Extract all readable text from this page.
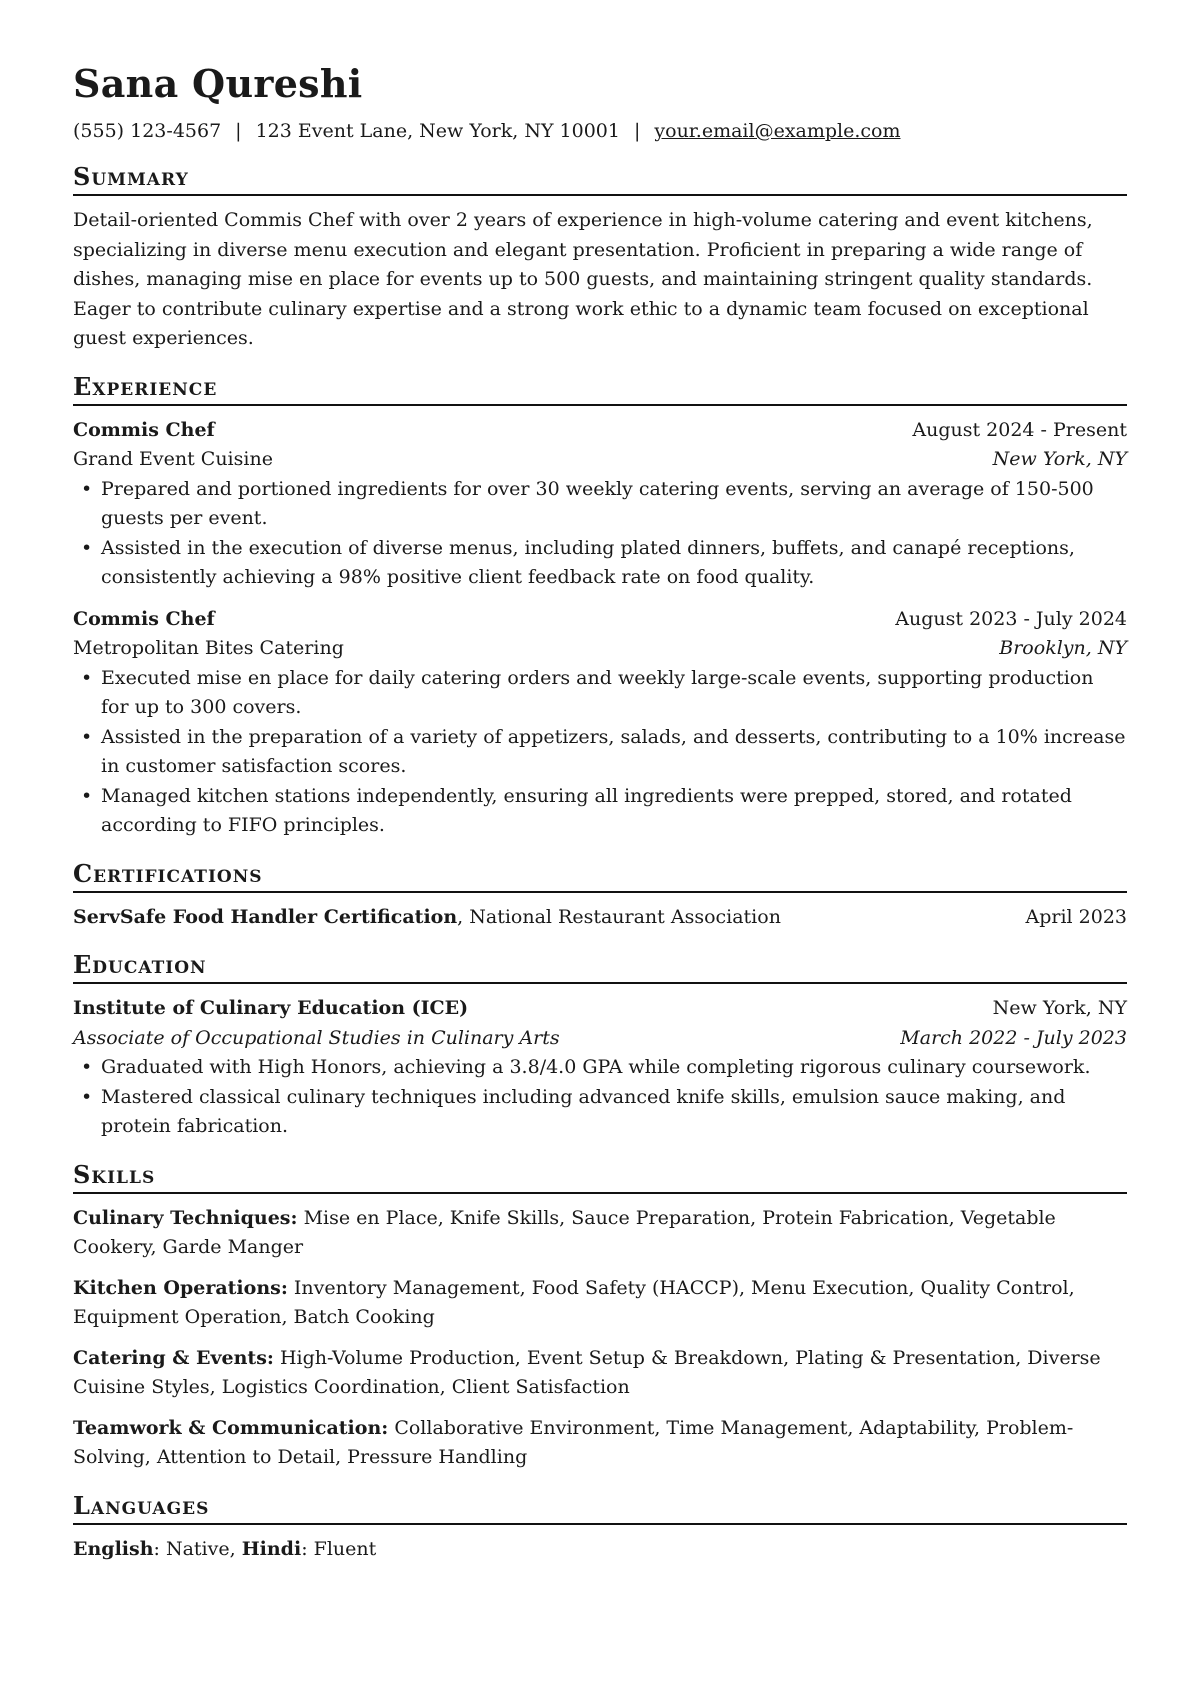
Sana Qureshi
(555) 123-4567 | 123 Event Lane, New York, NY 10001 | your.email@example.com
Summary

Detail-oriented Commis Chef with over 2 years of experience in high-volume catering and event kitchens, specializing in diverse menu execution and elegant presentation. Proficient in preparing a wide range of dishes, managing mise en place for events up to 500 guests, and maintaining stringent quality standards. Eager to contribute culinary expertise and a strong work ethic to a dynamic team focused on exceptional guest experiences.

Experience
Commis Chef	August 2024 - Present
Grand Event Cuisine	New York, NY
• Prepared and portioned ingredients for over 30 weekly catering events, serving an average of 150-500 guests per event.
• Assisted in the execution of diverse menus, including plated dinners, buffets, and canapé receptions, consistently achieving a 98% positive client feedback rate on food quality.
Commis Chef	August 2023 - July 2024
Metropolitan Bites Catering	Brooklyn, NY
• Executed mise en place for daily catering orders and weekly large-scale events, supporting production for up to 300 covers.
• Assisted in the preparation of a variety of appetizers, salads, and desserts, contributing to a 10% increase in customer satisfaction scores.
• Managed kitchen stations independently, ensuring all ingredients were prepped, stored, and rotated according to FIFO principles.
Certifications
ServSafe Food Handler Certification, National Restaurant Association	April 2023
Education
Institute of Culinary Education (ICE)	New York, NY
Associate of Occupational Studies in Culinary Arts	March 2022 - July 2023
• Graduated with High Honors, achieving a 3.8/4.0 GPA while completing rigorous culinary coursework.
• Mastered classical culinary techniques including advanced knife skills, emulsion sauce making, and protein fabrication.
Skills
Culinary Techniques: Mise en Place, Knife Skills, Sauce Preparation, Protein Fabrication, Vegetable Cookery, Garde Manger
Kitchen Operations: Inventory Management, Food Safety (HACCP), Menu Execution, Quality Control, Equipment Operation, Batch Cooking
Catering & Events: High-Volume Production, Event Setup & Breakdown, Plating & Presentation, Diverse Cuisine Styles, Logistics Coordination, Client Satisfaction
Teamwork & Communication: Collaborative Environment, Time Management, Adaptability, Problem-Solving, Attention to Detail, Pressure Handling
Languages
English: Native, Hindi: Fluent
